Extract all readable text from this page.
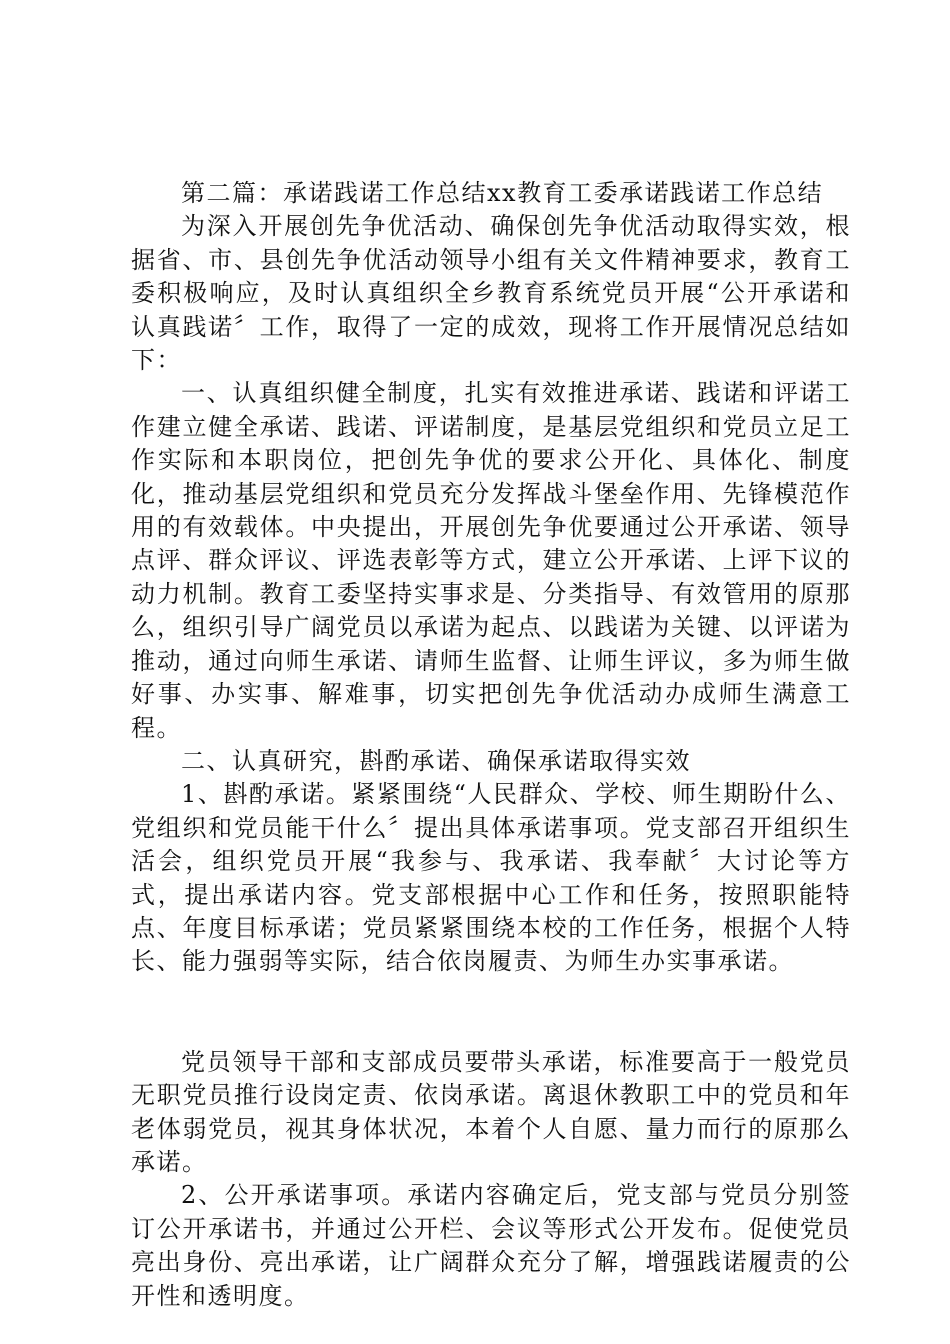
第二篇：承诺践诺工作总结xx教育工委承诺践诺工作总结

为深入开展创先争优活动、确保创先争优活动取得实效，根据省、市、县创先争优活动领导小组有关文件精神要求，教育工委积极响应，及时认真组织全乡教育系统党员开展“公开承诺和认真践诺〞工作，取得了一定的成效，现将工作开展情况总结如下：

一、认真组织健全制度，扎实有效推进承诺、践诺和评诺工作建立健全承诺、践诺、评诺制度，是基层党组织和党员立足工作实际和本职岗位，把创先争优的要求公开化、具体化、制度化，推动基层党组织和党员充分发挥战斗堡垒作用、先锋模范作用的有效载体。中央提出，开展创先争优要通过公开承诺、领导点评、群众评议、评选表彰等方式，建立公开承诺、上评下议的动力机制。教育工委坚持实事求是、分类指导、有效管用的原那么，组织引导广阔党员以承诺为起点、以践诺为关键、以评诺为推动，通过向师生承诺、请师生监督、让师生评议，多为师生做好事、办实事、解难事，切实把创先争优活动办成师生满意工程。

二、认真研究，斟酌承诺、确保承诺取得实效

1、斟酌承诺。紧紧围绕“人民群众、学校、师生期盼什么、党组织和党员能干什么〞提出具体承诺事项。党支部召开组织生活会，组织党员开展“我参与、我承诺、我奉献〞大讨论等方式，提出承诺内容。党支部根据中心工作和任务，按照职能特点、年度目标承诺；党员紧紧围绕本校的工作任务，根据个人特长、能力强弱等实际，结合依岗履责、为师生办实事承诺。

党员领导干部和支部成员要带头承诺，标准要高于一般党员无职党员推行设岗定责、依岗承诺。离退休教职工中的党员和年老体弱党员，视其身体状况，本着个人自愿、量力而行的原那么承诺。

2、公开承诺事项。承诺内容确定后，党支部与党员分别签订公开承诺书，并通过公开栏、会议等形式公开发布。促使党员亮出身份、亮出承诺，让广阔群众充分了解，增强践诺履责的公开性和透明度。
